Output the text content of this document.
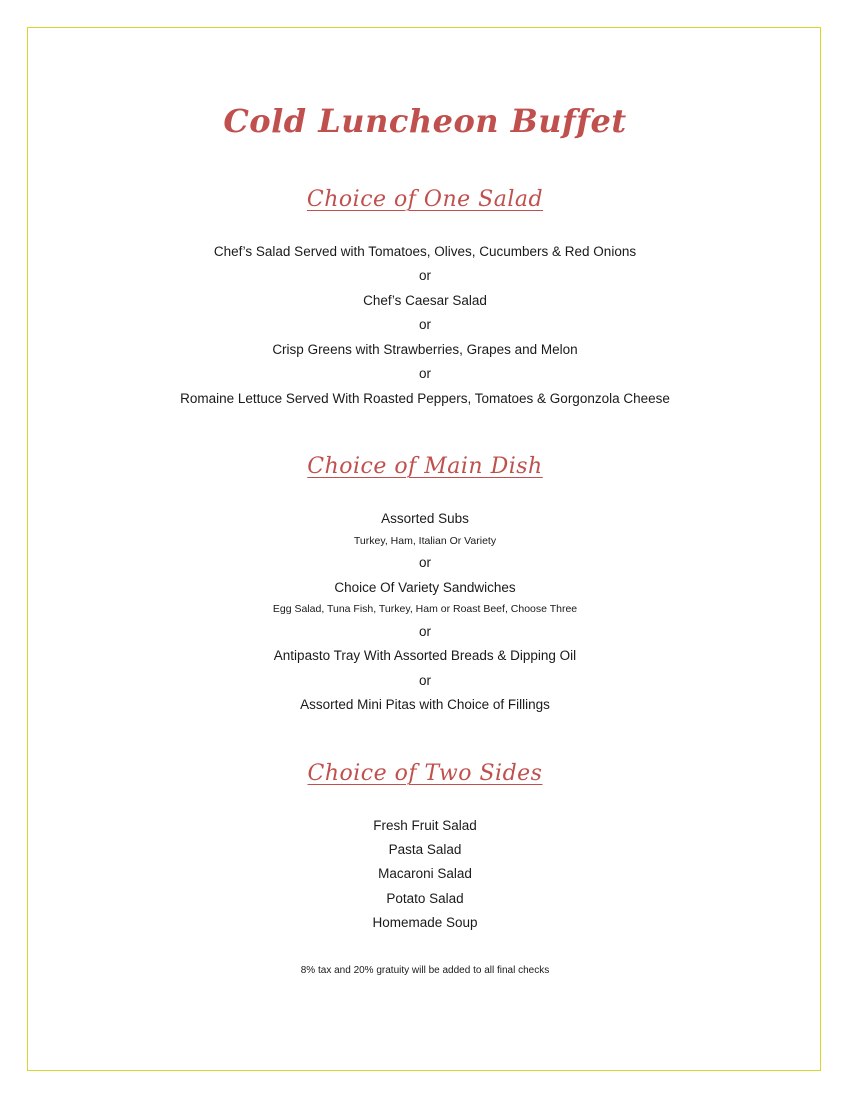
Cold Luncheon Buffet
Choice of One Salad
Chef’s Salad Served with Tomatoes, Olives, Cucumbers & Red Onions
or
Chef’s Caesar Salad
or
Crisp Greens with Strawberries, Grapes and Melon
or
Romaine Lettuce Served With Roasted Peppers, Tomatoes & Gorgonzola Cheese
Choice of Main Dish
Assorted Subs
Turkey, Ham, Italian Or Variety
or
Choice Of Variety Sandwiches
Egg Salad, Tuna Fish, Turkey, Ham or Roast Beef, Choose Three
or
Antipasto Tray With Assorted Breads & Dipping Oil
or
Assorted Mini Pitas with Choice of Fillings
Choice of Two Sides
Fresh Fruit Salad
Pasta Salad
Macaroni Salad
Potato Salad
Homemade Soup
8% tax and 20% gratuity will be added to all final checks
